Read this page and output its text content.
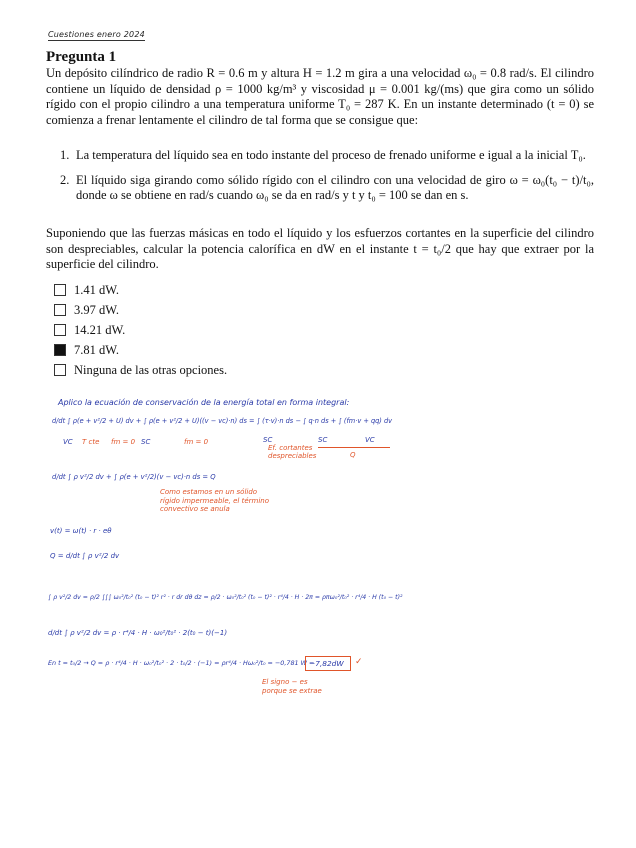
Cuestiones enero 2024
Pregunta 1
Un depósito cilíndrico de radio R = 0.6 m y altura H = 1.2 m gira a una velocidad ω₀ = 0.8 rad/s. El cilindro contiene un líquido de densidad ρ = 1000 kg/m³ y viscosidad μ = 0.001 kg/(ms) que gira como un sólido rígido con el propio cilindro a una temperatura uniforme T₀ = 287 K. En un instante determinado (t = 0) se comienza a frenar lentamente el cilindro de tal forma que se consigue que:
1. La temperatura del líquido sea en todo instante del proceso de frenado uniforme e igual a la inicial T₀.
2. El líquido siga girando como sólido rígido con el cilindro con una velocidad de giro ω = ω₀(t₀ − t)/t₀, donde ω se obtiene en rad/s cuando ω₀ se da en rad/s y t y t₀ = 100 se dan en s.
Suponiendo que las fuerzas másicas en todo el líquido y los esfuerzos cortantes en la superficie del cilindro son despreciables, calcular la potencia calorífica en dW en el instante t = t₀/2 que hay que extraer por la superficie del cilindro.
1.41 dW.
3.97 dW.
14.21 dW.
7.81 dW.
Ninguna de las otras opciones.
Aplico la ecuación de conservación de la energía total en forma integral:
d/dt ∫ ρ(e + v²/2 + U) dv + ∫ ρ(e + v²/2 + U)((v − vc)·n) ds = ∫ (τ·v)·n ds − ∫ q·n ds + ∫ (fm·v + qq) dv
VC T cte fm = 0 SC	fm = 0	SC	SC	VC
Ef. cortantes despreciables	Q
d/dt ∫ ρ v²/2 dv + ∫ ρ(e + v²/2)(v − vc)·n ds = Q
Como estamos en un sólido rígido impermeable, el término convectivo se anula
v(t) = ω(t) · r · eθ
Q = d/dt ∫ ρ v²/2 dv
∫ ρ v²/2 dv = ρ/2 ∫∫∫ ω₀²/t₀² (t₀ − t)² r² · r dr dθ dz = ρ/2 · ω₀²/t₀² (t₀ − t)² · r⁴/4 · H · 2π = ρπω₀²/t₀² · r⁴/4 · H (t₀ − t)²
d/dt ∫ ρ v²/2 dv = ρ · r⁴/4 · H · ω₀²/t₀² · 2(t₀ − t)(−1)
En t = t₀/2 → Q = ρ · r⁴/4 · H · ω₀²/t₀² · 2 · t₀/2 · (−1) = ρr⁴/4 · Hω₀²/t₀ = −0,781 W =
−7,82dW ✓
El signo − es porque se extrae
